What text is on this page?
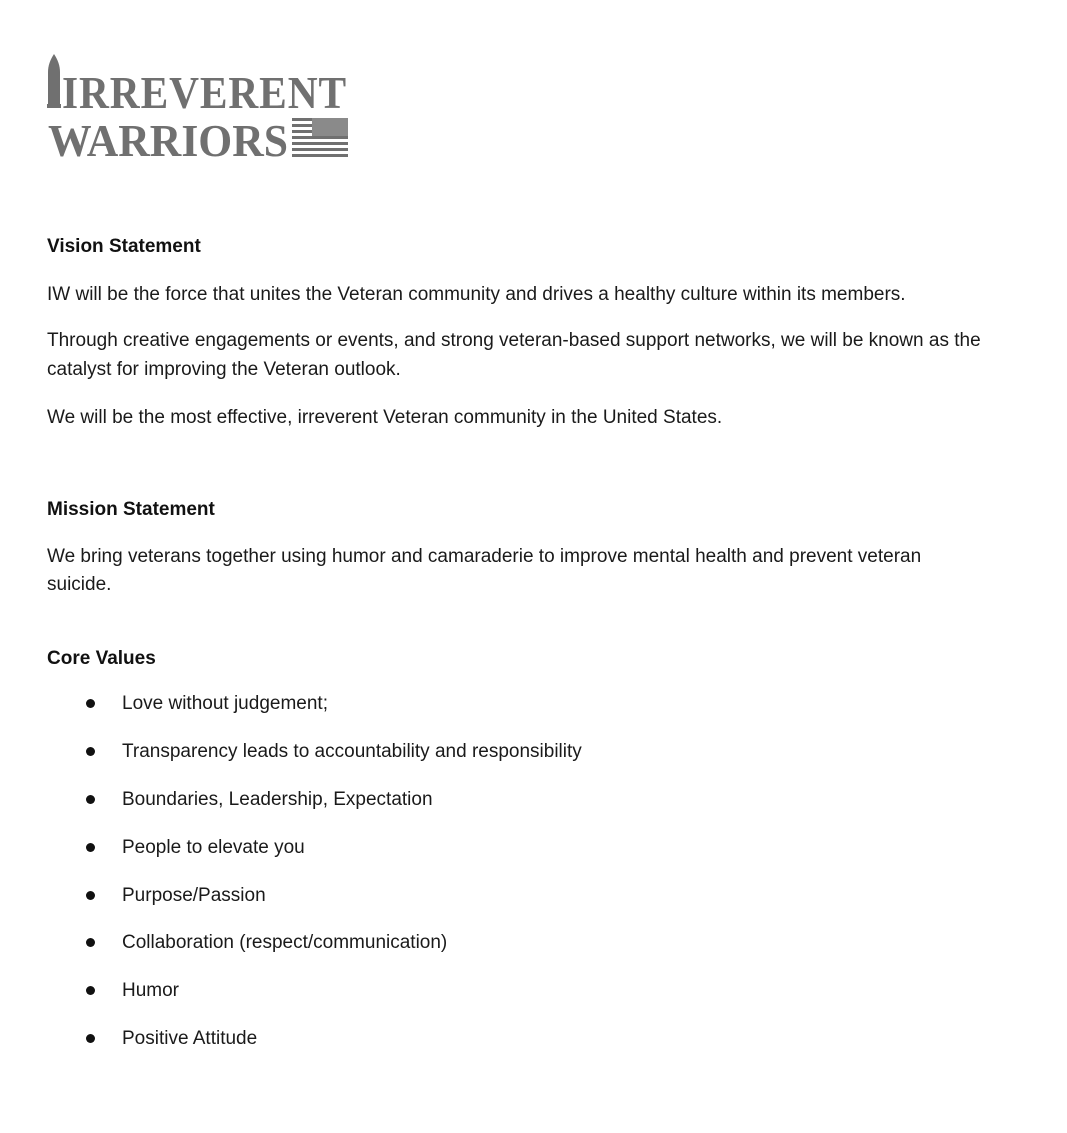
IRREVERENT
WARRIORS
Vision Statement

IW will be the force that unites the Veteran community and drives a healthy culture within its members.

Through creative engagements or events, and strong veteran-based support networks, we will be known as the catalyst for improving the Veteran outlook.

We will be the most effective, irreverent Veteran community in the United States.

Mission Statement

We bring veterans together using humor and camaraderie to improve mental health and prevent veteran suicide.

Core Values
Love without judgement;
Transparency leads to accountability and responsibility
Boundaries, Leadership, Expectation
People to elevate you
Purpose/Passion
Collaboration (respect/communication)
Humor
Positive Attitude
